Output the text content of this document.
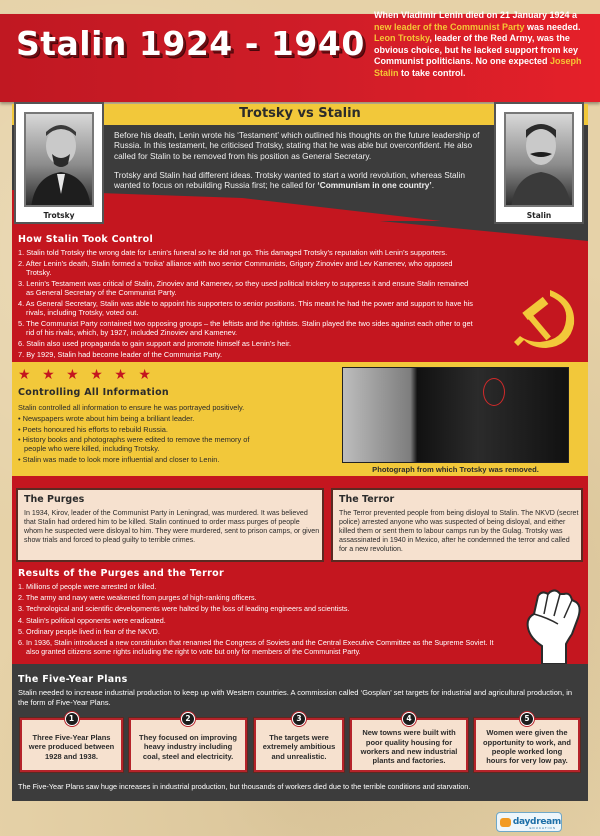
Stalin 1924 - 1940
When Vladimir Lenin died on 21 January 1924 a new leader of the Communist Party was needed. Leon Trotsky, leader of the Red Army, was the obvious choice, but he lacked support from key Communist politicians. No one expected Joseph Stalin to take control.
Trotsky vs Stalin
Trotsky	Stalin

Before his death, Lenin wrote his ‘Testament’ which outlined his thoughts on the future leadership of Russia. In this testament, he criticised Trotsky, stating that he was able but overconfident. He also called for Stalin to be removed from his position as General Secretary.

Trotsky and Stalin had different ideas. Trotsky wanted to start a world revolution, whereas Stalin wanted to focus on rebuilding Russia first; he called for ‘Communism in one country’.

How Stalin Took Control
1. Stalin told Trotsky the wrong date for Lenin’s funeral so he did not go. This damaged Trotsky’s reputation with Lenin’s supporters.
2. After Lenin’s death, Stalin formed a ‘troika’ alliance with two senior Communists, Grigory Zinoviev and Lev Kamenev, who opposed Trotsky.
3. Lenin’s Testament was critical of Stalin, Zinoviev and Kamenev, so they used political trickery to suppress it and ensure Stalin remained as General Secretary of the Communist Party.
4. As General Secretary, Stalin was able to appoint his supporters to senior positions. This meant he had the power and support to have his rivals, including Trotsky, voted out.
5. The Communist Party contained two opposing groups – the leftists and the rightists. Stalin played the two sides against each other to get rid of his rivals, which, by 1927, included Zinoviev and Kamenev.
6. Stalin also used propaganda to gain support and promote himself as Lenin’s heir.
7. By 1929, Stalin had become leader of the Communist Party.
★ ★ ★ ★ ★ ★
Controlling All Information
Stalin controlled all information to ensure he was portrayed positively.
• Newspapers wrote about him being a brilliant leader.
• Poets honoured his efforts to rebuild Russia.
• History books and photographs were edited to remove the memory of people who were killed, including Trotsky.
• Stalin was made to look more influential and closer to Lenin.
Photograph from which Trotsky was removed.
The Purges
In 1934, Kirov, leader of the Communist Party in Leningrad, was murdered. It was believed that Stalin had ordered him to be killed. Stalin continued to order mass purges of people whom he suspected were disloyal to him. They were murdered, sent to prison camps, or given show trials and forced to plead guilty to terrible crimes.
The Terror
The Terror prevented people from being disloyal to Stalin. The NKVD (secret police) arrested anyone who was suspected of being disloyal, and either killed them or sent them to labour camps run by the Gulag. Trotsky was assassinated in 1940 in Mexico, after he condemned the terror and called for a new revolution.
Results of the Purges and the Terror
1. Millions of people were arrested or killed.
2. The army and navy were weakened from purges of high-ranking officers.
3. Technological and scientific developments were halted by the loss of leading engineers and scientists.
4. Stalin’s political opponents were eradicated.
5. Ordinary people lived in fear of the NKVD.
6. In 1936, Stalin introduced a new constitution that renamed the Congress of Soviets and the Central Executive Committee as the Supreme Soviet. It also granted citizens some rights including the right to vote but only for members of the Communist Party.
The Five-Year Plans
Stalin needed to increase industrial production to keep up with Western countries. A commission called ‘Gosplan’ set targets for industrial and agricultural production, in the form of Five-Year Plans.
1
Three Five-Year Plans were produced between 1928 and 1938.
2
They focused on improving heavy industry including coal, steel and electricity.
3
The targets were extremely ambitious and unrealistic.
4
New towns were built with poor quality housing for workers and new industrial plants and factories.
5
Women were given the opportunity to work, and people worked long hours for very low pay.
The Five-Year Plans saw huge increases in industrial production, but thousands of workers died due to the terrible conditions and starvation.
daydream
EDUCATION
